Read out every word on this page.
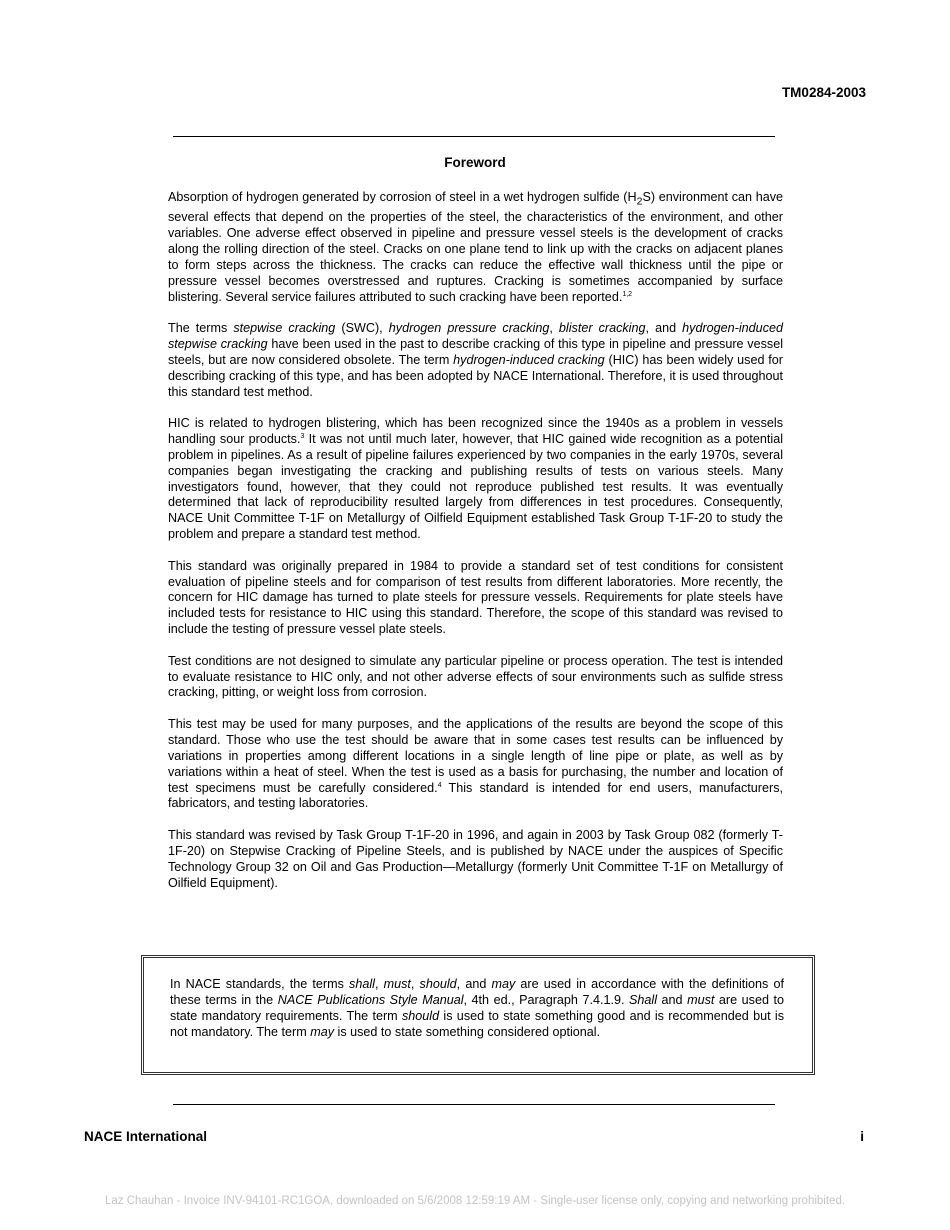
TM0284-2003
Foreword

Absorption of hydrogen generated by corrosion of steel in a wet hydrogen sulfide $(H_2S)$ environment can have several effects that depend on the properties of the steel, the characteristics of the environment, and other variables. One adverse effect observed in pipeline and pressure vessel steels is the development of cracks along the rolling direction of the steel. Cracks on one plane tend to link up with the cracks on adjacent planes to form steps across the thickness. The cracks can reduce the effective wall thickness until the pipe or pressure vessel becomes overstressed and ruptures. Cracking is sometimes accompanied by surface blistering. Several service failures attributed to such cracking have been reported.$^{1,2}$

The terms stepwise cracking (SWC), hydrogen pressure cracking, blister cracking, and hydrogen-induced stepwise cracking have been used in the past to describe cracking of this type in pipeline and pressure vessel steels, but are now considered obsolete. The term hydrogen-induced cracking (HIC) has been widely used for describing cracking of this type, and has been adopted by NACE International. Therefore, it is used throughout this standard test method.

HIC is related to hydrogen blistering, which has been recognized since the 1940s as a problem in vessels handling sour products.$^3$ It was not until much later, however, that HIC gained wide recognition as a potential problem in pipelines. As a result of pipeline failures experienced by two companies in the early 1970s, several companies began investigating the cracking and publishing results of tests on various steels. Many investigators found, however, that they could not reproduce published test results. It was eventually determined that lack of reproducibility resulted largely from differences in test procedures. Consequently, NACE Unit Committee T-1F on Metallurgy of Oilfield Equipment established Task Group T-1F-20 to study the problem and prepare a standard test method.

This standard was originally prepared in 1984 to provide a standard set of test conditions for consistent evaluation of pipeline steels and for comparison of test results from different laboratories. More recently, the concern for HIC damage has turned to plate steels for pressure vessels. Requirements for plate steels have included tests for resistance to HIC using this standard. Therefore, the scope of this standard was revised to include the testing of pressure vessel plate steels.

Test conditions are not designed to simulate any particular pipeline or process operation. The test is intended to evaluate resistance to HIC only, and not other adverse effects of sour environments such as sulfide stress cracking, pitting, or weight loss from corrosion.

This test may be used for many purposes, and the applications of the results are beyond the scope of this standard. Those who use the test should be aware that in some cases test results can be influenced by variations in properties among different locations in a single length of line pipe or plate, as well as by variations within a heat of steel. When the test is used as a basis for purchasing, the number and location of test specimens must be carefully considered.$^4$ This standard is intended for end users, manufacturers, fabricators, and testing laboratories.

This standard was revised by Task Group T-1F-20 in 1996, and again in 2003 by Task Group 082 (formerly T-1F-20) on Stepwise Cracking of Pipeline Steels, and is published by NACE under the auspices of Specific Technology Group 32 on Oil and Gas Production—Metallurgy (formerly Unit Committee T-1F on Metallurgy of Oilfield Equipment).

In NACE standards, the terms shall, must, should, and may are used in accordance with the definitions of these terms in the NACE Publications Style Manual, 4th ed., Paragraph 7.4.1.9. Shall and must are used to state mandatory requirements. The term should is used to state something good and is recommended but is not mandatory. The term may is used to state something considered optional.

NACE International	i
Laz Chauhan - Invoice INV-94101-RC1GOA, downloaded on 5/6/2008 12:59:19 AM - Single-user license only, copying and networking prohibited.
